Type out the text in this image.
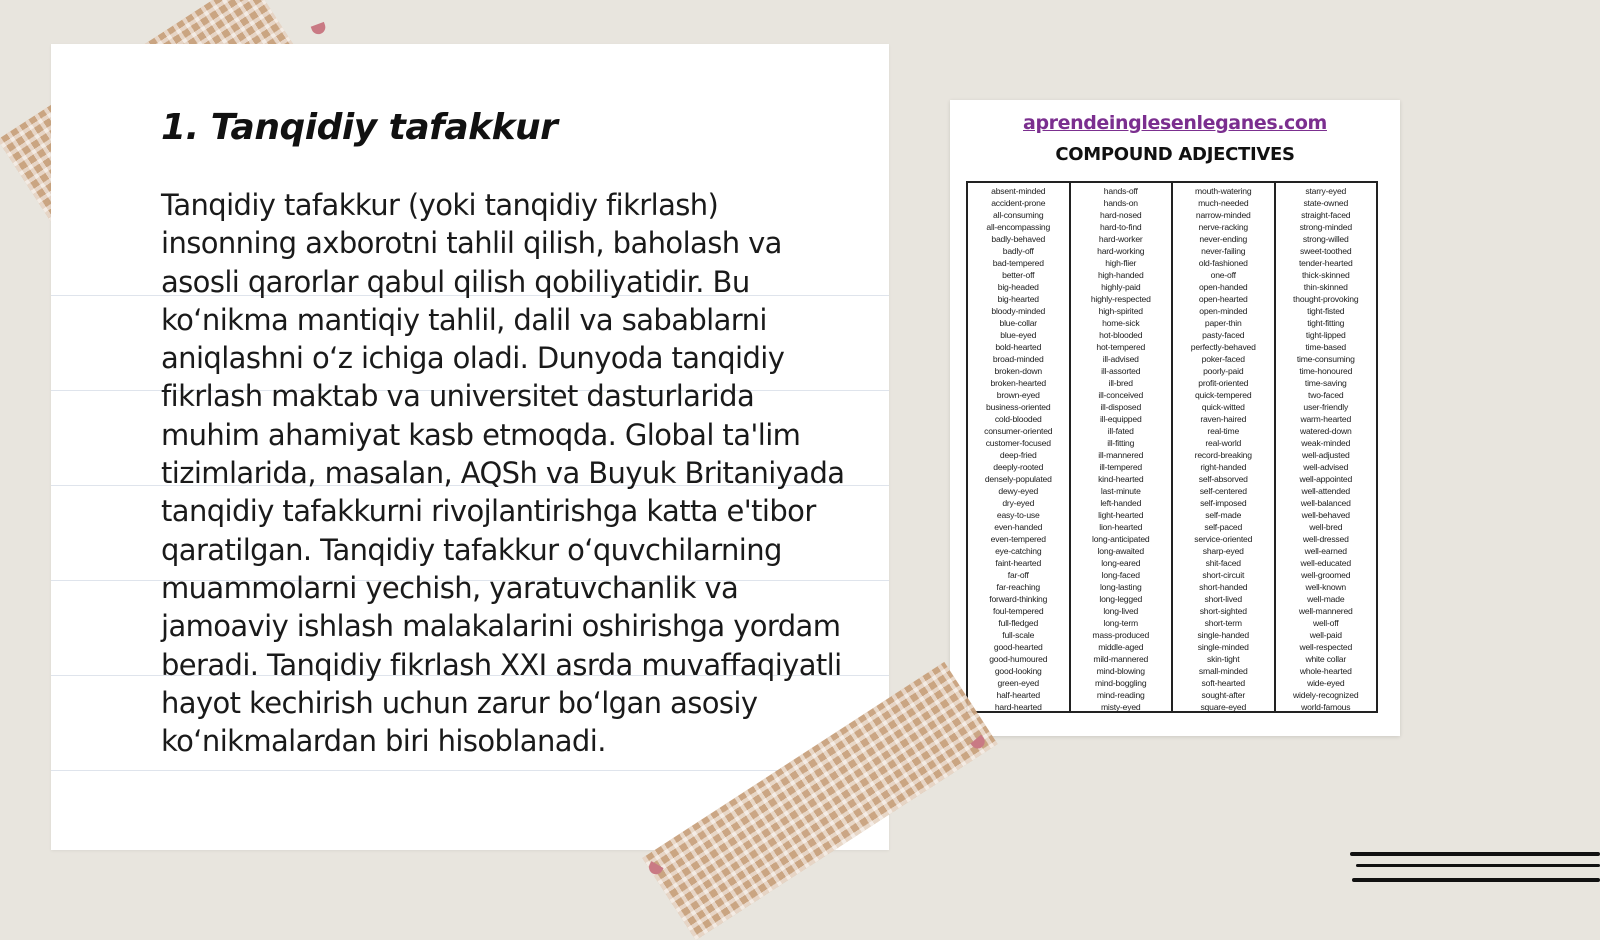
1. Tanqidiy tafakkur

Tanqidiy tafakkur (yoki tanqidiy fikrlash) insonning axborotni tahlil qilish, baholash va asosli qarorlar qabul qilish qobiliyatidir. Bu ko‘nikma mantiqiy tahlil, dalil va sabablarni aniqlashni o‘z ichiga oladi. Dunyoda tanqidiy fikrlash maktab va universitet dasturlarida muhim ahamiyat kasb etmoqda. Global ta'lim tizimlarida, masalan, AQSh va Buyuk Britaniyada tanqidiy tafakkurni rivojlantirishga katta e'tibor qaratilgan. Tanqidiy tafakkur o‘quvchilarning muammolarni yechish, yaratuvchanlik va jamoaviy ishlash malakalarini oshirishga yordam beradi. Tanqidiy fikrlash XXI asrda muvaffaqiyatli hayot kechirish uchun zarur bo‘lgan asosiy ko‘nikmalardan biri hisoblanadi.

aprendeinglesenleganes.com
COMPOUND ADJECTIVES
absent-minded
accident-prone
all-consuming
all-encompassing
badly-behaved
badly-off
bad-tempered
better-off
big-headed
big-hearted
bloody-minded
blue-collar
blue-eyed
bold-hearted
broad-minded
broken-down
broken-hearted
brown-eyed
business-oriented
cold-blooded
consumer-oriented
customer-focused
deep-fried
deeply-rooted
densely-populated
dewy-eyed
dry-eyed
easy-to-use
even-handed
even-tempered
eye-catching
faint-hearted
far-off
far-reaching
forward-thinking
foul-tempered
full-fledged
full-scale
good-hearted
good-humoured
good-looking
green-eyed
half-hearted
hard-hearted
hands-off
hands-on
hard-nosed
hard-to-find
hard-worker
hard-working
high-flier
high-handed
highly-paid
highly-respected
high-spirited
home-sick
hot-blooded
hot-tempered
ill-advised
ill-assorted
ill-bred
ill-conceived
ill-disposed
ill-equipped
ill-fated
ill-fitting
ill-mannered
ill-tempered
kind-hearted
last-minute
left-handed
light-hearted
lion-hearted
long-anticipated
long-awaited
long-eared
long-faced
long-lasting
long-legged
long-lived
long-term
mass-produced
middle-aged
mild-mannered
mind-blowing
mind-boggling
mind-reading
misty-eyed
mouth-watering
much-needed
narrow-minded
nerve-racking
never-ending
never-failing
old-fashioned
one-off
open-handed
open-hearted
open-minded
paper-thin
pasty-faced
perfectly-behaved
poker-faced
poorly-paid
profit-oriented
quick-tempered
quick-witted
raven-haired
real-time
real-world
record-breaking
right-handed
self-absorved
self-centered
self-imposed
self-made
self-paced
service-oriented
sharp-eyed
shit-faced
short-circuit
short-handed
short-lived
short-sighted
short-term
single-handed
single-minded
skin-tight
small-minded
soft-hearted
sought-after
square-eyed
starry-eyed
state-owned
straight-faced
strong-minded
strong-willed
sweet-toothed
tender-hearted
thick-skinned
thin-skinned
thought-provoking
tight-fisted
tight-fitting
tight-lipped
time-based
time-consuming
time-honoured
time-saving
two-faced
user-friendly
warm-hearted
watered-down
weak-minded
well-adjusted
well-advised
well-appointed
well-attended
well-balanced
well-behaved
well-bred
well-dressed
well-earned
well-educated
well-groomed
well-known
well-made
well-mannered
well-off
well-paid
well-respected
white collar
whole-hearted
wide-eyed
widely-recognized
world-famous
